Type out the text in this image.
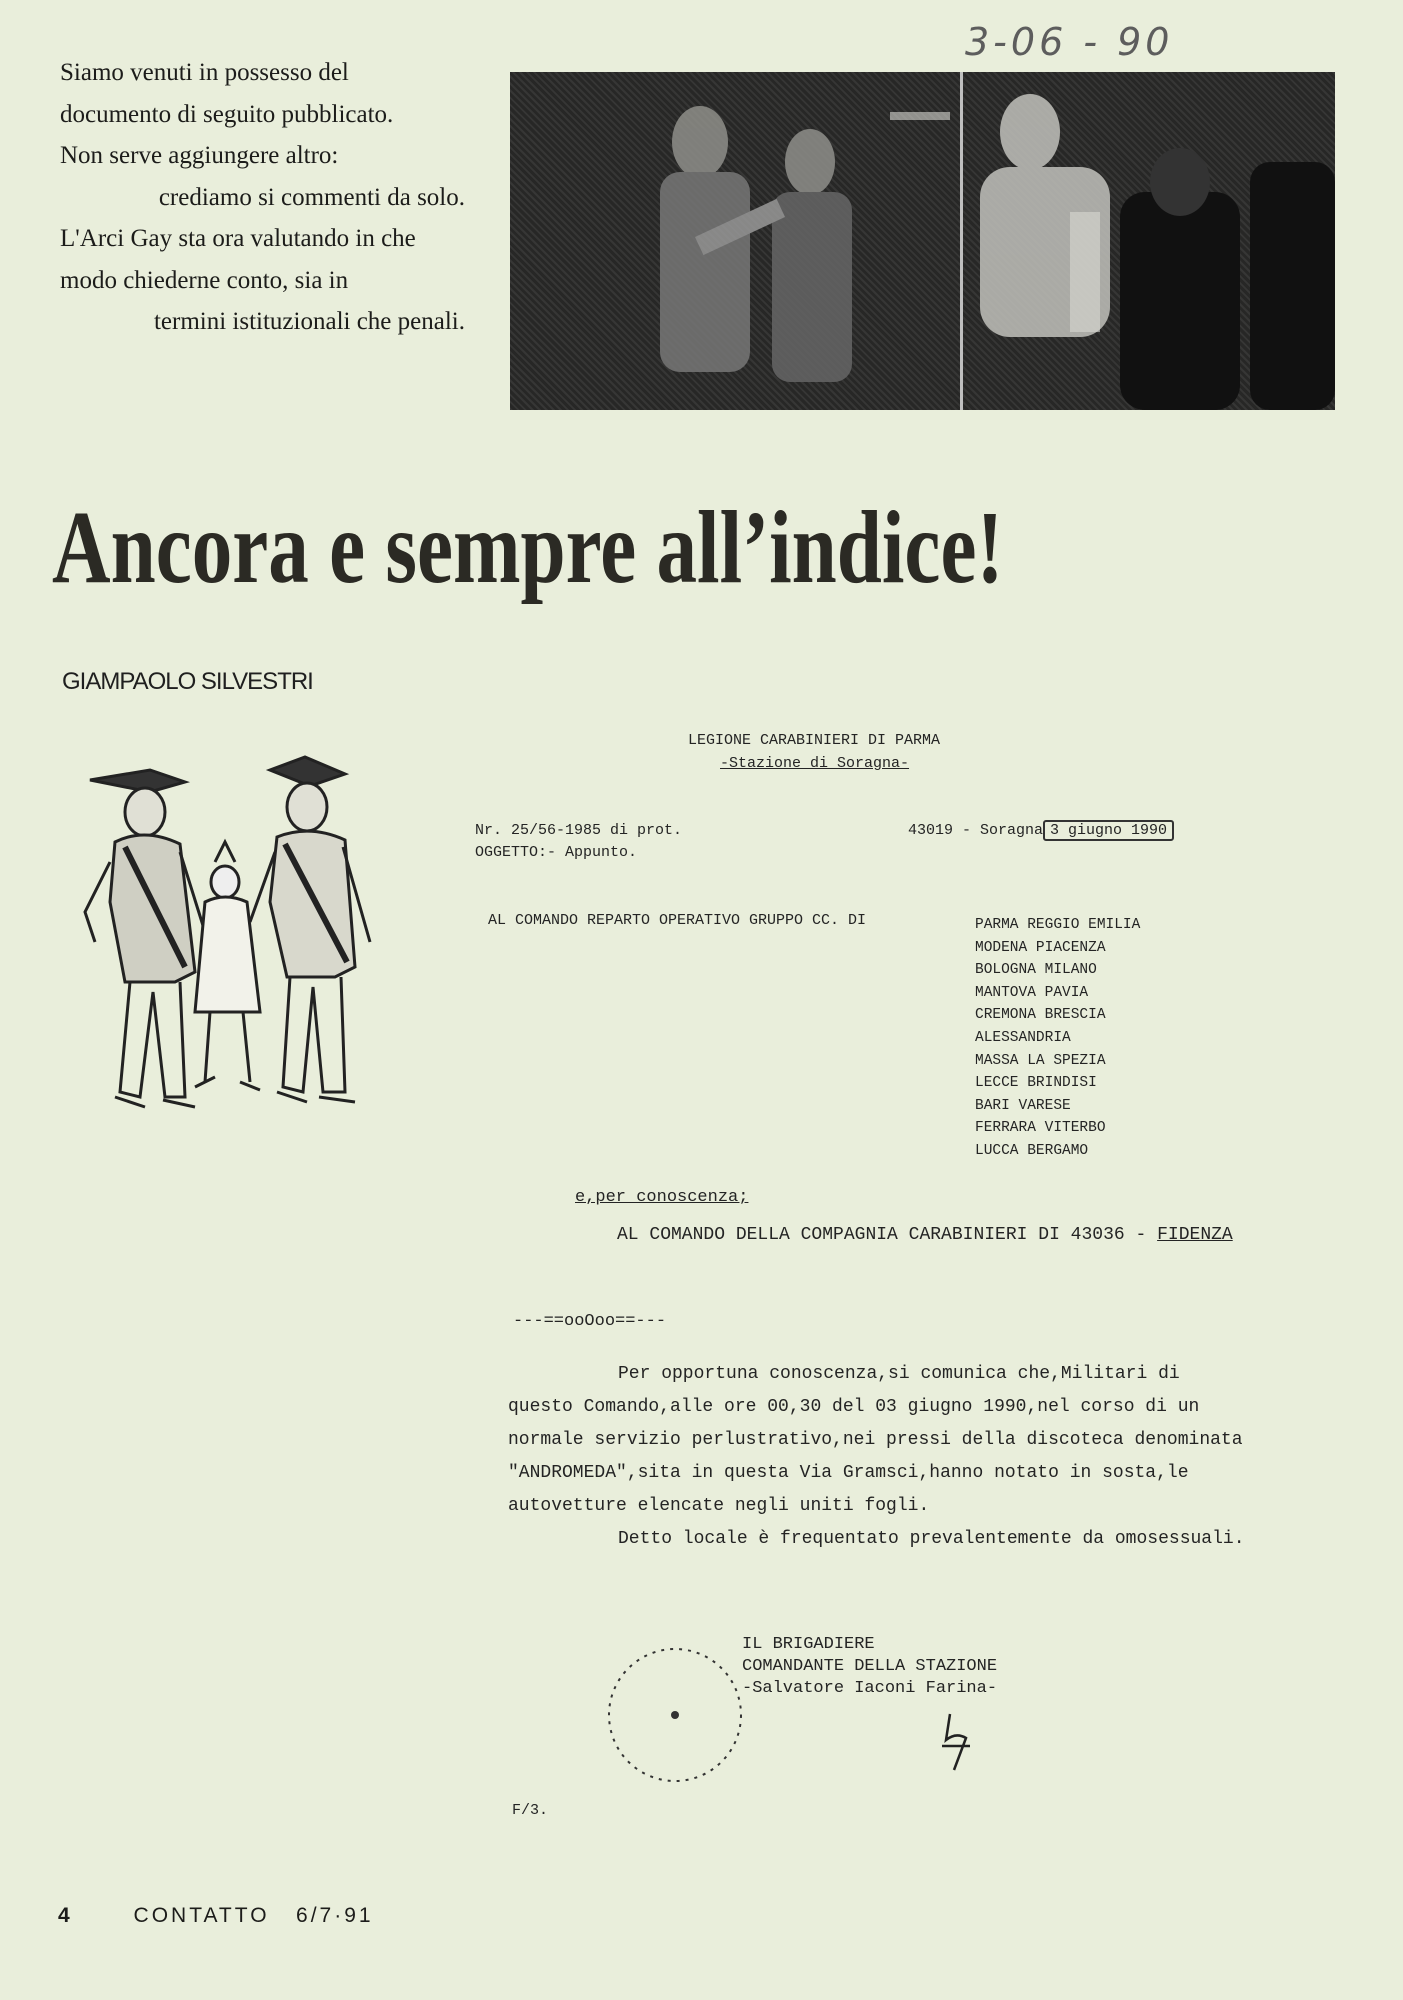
3-06 - 90
Siamo venuti in possesso del
documento di seguito pubblicato.
Non serve aggiungere altro:
crediamo si commenti da solo.
L'Arci Gay sta ora valutando in che
modo chiederne conto, sia in
termini istituzionali che penali.
Ancora e sempre all’indice!
GIAMPAOLO SILVESTRI
LEGIONE CARABINIERI DI PARMA
-Stazione di Soragna-
Nr. 25/56-1985 di prot.
OGGETTO:- Appunto.
43019 - Soragna 3 giugno 1990
AL COMANDO REPARTO OPERATIVO GRUPPO CC. DI	PARMA REGGIO EMILIA
MODENA PIACENZA
BOLOGNA MILANO
MANTOVA PAVIA
CREMONA BRESCIA
ALESSANDRIA
MASSA LA SPEZIA
LECCE BRINDISI
BARI VARESE
FERRARA VITERBO
LUCCA BERGAMO
e,per conoscenza;
AL COMANDO DELLA COMPAGNIA CARABINIERI DI 43036 - FIDENZA
---==ooOoo==---

Per opportuna conoscenza,si comunica che,Militari di

questo Comando,alle ore 00,30 del 03 giugno 1990,nel corso di un

normale servizio perlustrativo,nei pressi della discoteca denominata

"ANDROMEDA",sita in questa Via Gramsci,hanno notato in sosta,le

autovetture elencate negli uniti fogli.

Detto locale è frequentato prevalentemente da omosessuali.

IL BRIGADIERE
COMANDANTE DELLA STAZIONE
-Salvatore Iaconi Farina-
F/3.
4	CONTATTO 6/7·91
